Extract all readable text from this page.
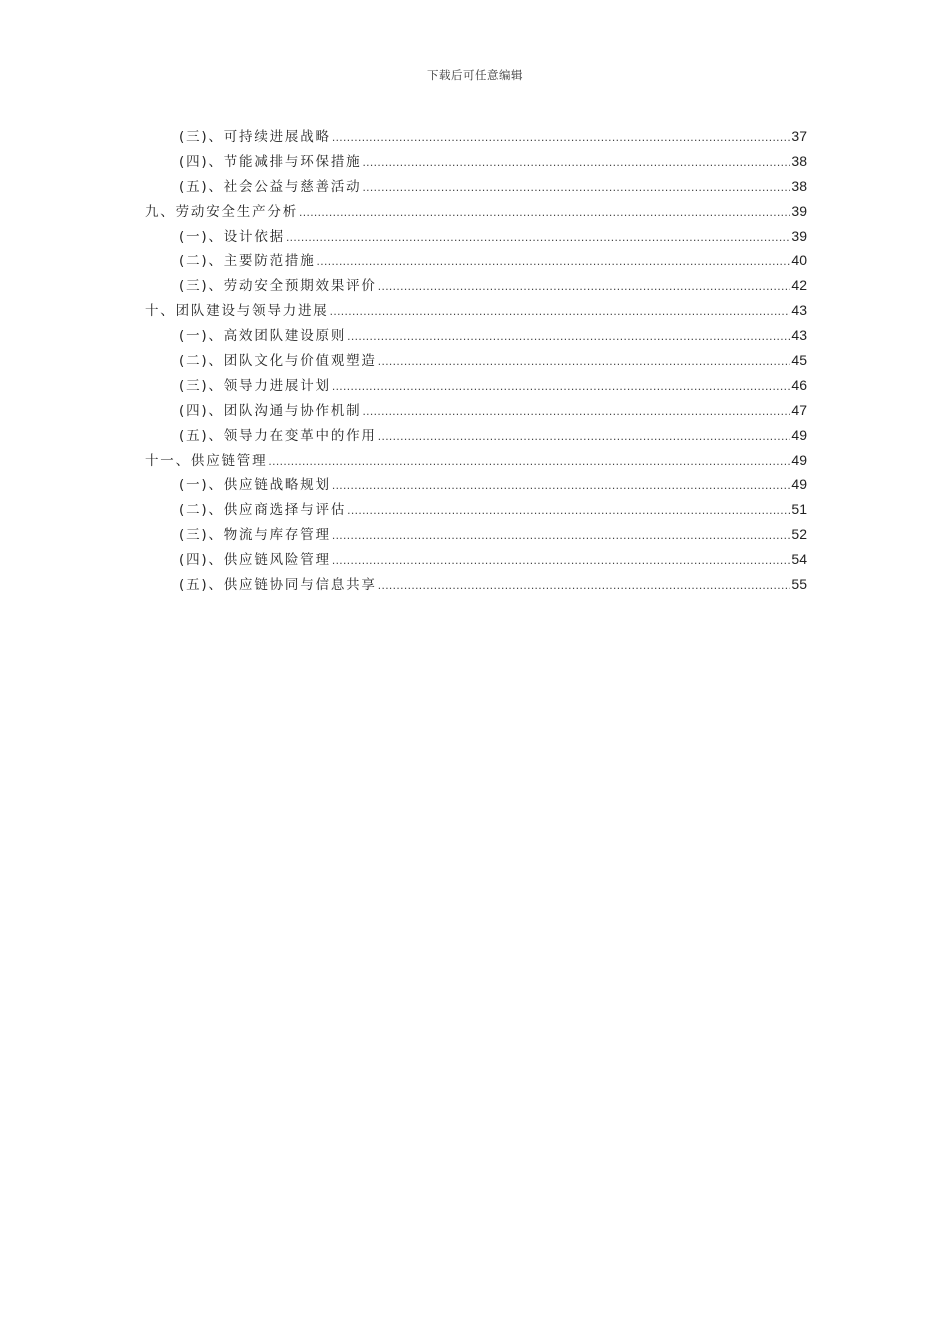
下载后可任意编辑
(三)、可持续进展战略 .....	37
(四)、节能减排与环保措施 .....	38
(五)、社会公益与慈善活动 .....	38
九、劳动安全生产分析 .....	39
(一)、设计依据 .....	39
(二)、主要防范措施 .....	40
(三)、劳动安全预期效果评价 .....	42
十、团队建设与领导力进展 .....	43
(一)、高效团队建设原则 .....	43
(二)、团队文化与价值观塑造 .....	45
(三)、领导力进展计划 .....	46
(四)、团队沟通与协作机制 .....	47
(五)、领导力在变革中的作用 .....	49
十一、供应链管理 .....	49
(一)、供应链战略规划 .....	49
(二)、供应商选择与评估 .....	51
(三)、物流与库存管理 .....	52
(四)、供应链风险管理 .....	54
(五)、供应链协同与信息共享 .....	55
